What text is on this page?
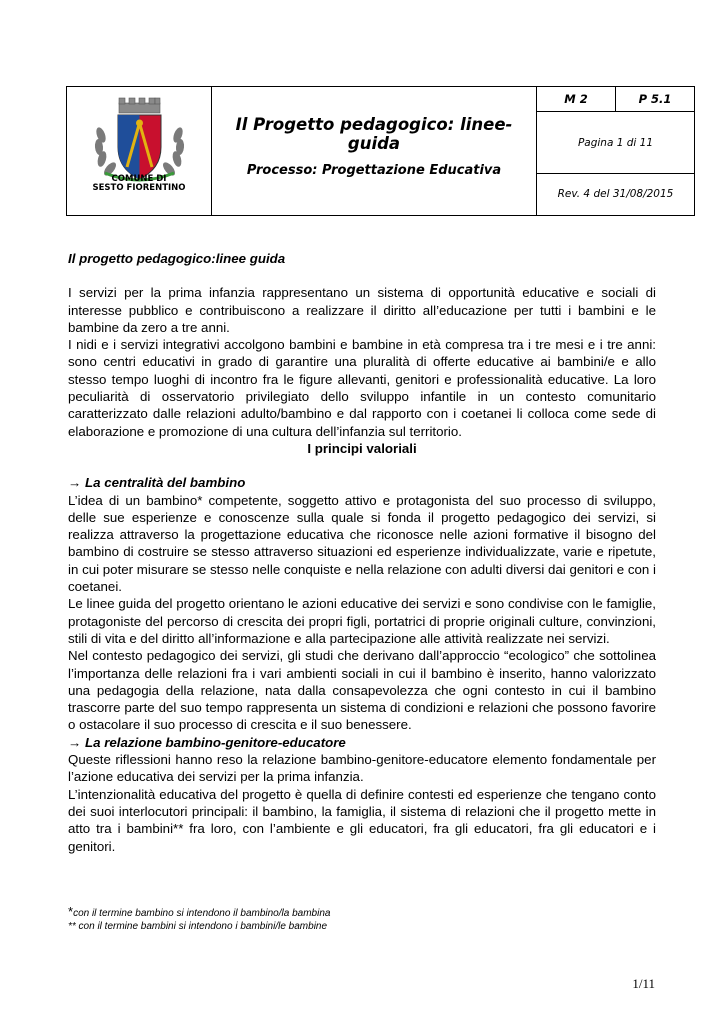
COMUNE DI
SESTO FIORENTINO
Il Progetto pedagogico: linee-guida
Processo: Progettazione Educativa
M 2	P 5.1
Pagina 1 di 11
Rev. 4 del 31/08/2015

Il progetto pedagogico:linee guida

I servizi per la prima infanzia rappresentano un sistema di opportunità educative e sociali di interesse pubblico e contribuiscono a realizzare il diritto all’educazione per tutti i bambini e le bambine da zero a tre anni.

I nidi e i servizi integrativi accolgono bambini e bambine in età compresa tra i tre mesi e i tre anni: sono centri educativi in grado di garantire una pluralità di offerte educative ai bambini/e e allo stesso tempo luoghi di incontro fra le figure allevanti, genitori e professionalità educative. La loro peculiarità di osservatorio privilegiato dello sviluppo infantile in un contesto comunitario caratterizzato dalle relazioni adulto/bambino e dal rapporto con i coetanei li colloca come sede di elaborazione e promozione di una cultura dell’infanzia sul territorio.

I principi valoriali

→ La centralità del bambino

L’idea di un bambino* competente, soggetto attivo e protagonista del suo processo di sviluppo, delle sue esperienze e conoscenze sulla quale si fonda il progetto pedagogico dei servizi, si realizza attraverso la progettazione educativa che riconosce nelle azioni formative il bisogno del bambino di costruire se stesso attraverso situazioni ed esperienze individualizzate, varie e ripetute, in cui poter misurare se stesso nelle conquiste e nella relazione con adulti diversi dai genitori e con i coetanei.

Le linee guida del progetto orientano le azioni educative dei servizi e sono condivise con le famiglie, protagoniste del percorso di crescita dei propri figli, portatrici di proprie originali culture, convinzioni, stili di vita e del diritto all’informazione e alla partecipazione alle attività realizzate nei servizi.

Nel contesto pedagogico dei servizi, gli studi che derivano dall’approccio “ecologico” che sottolinea l’importanza delle relazioni fra i vari ambienti sociali in cui il bambino è inserito, hanno valorizzato una pedagogia della relazione, nata dalla consapevolezza che ogni contesto in cui il bambino trascorre parte del suo tempo rappresenta un sistema di condizioni e relazioni che possono favorire o ostacolare il suo processo di crescita e il suo benessere.

→ La relazione bambino-genitore-educatore

Queste riflessioni hanno reso la relazione bambino-genitore-educatore elemento fondamentale per l’azione educativa dei servizi per la prima infanzia.

L’intenzionalità educativa del progetto è quella di definire contesti ed esperienze che tengano conto dei suoi interlocutori principali: il bambino, la famiglia, il sistema di relazioni che il progetto mette in atto tra i bambini** fra loro, con l’ambiente e gli educatori, fra gli educatori, fra gli educatori e i genitori.

*con il termine bambino si intendono il bambino/la bambina
** con il termine bambini si intendono i bambini/le bambine
1/11
